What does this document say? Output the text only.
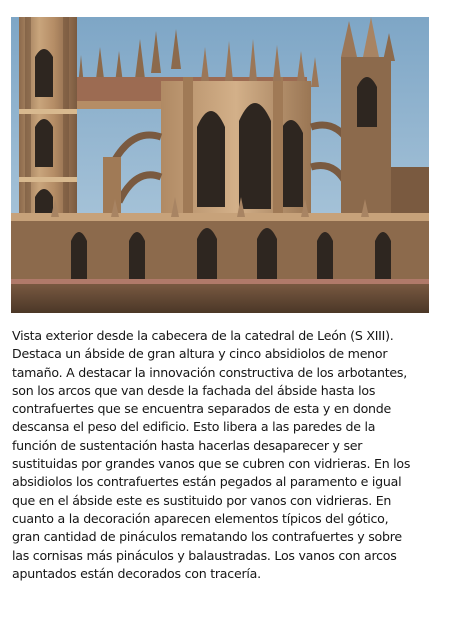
Vista exterior desde la cabecera de la catedral de León (S XIII).
Destaca un ábside de gran altura y cinco absidiolos de menor
tamaño. A destacar la innovación constructiva de los arbotantes,
son los arcos que van desde la fachada del ábside hasta los
contrafuertes que se encuentra separados de esta y en donde
descansa el peso del edificio. Esto libera a las paredes de la
función de sustentación hasta hacerlas desaparecer y ser
sustituidas por grandes vanos que se cubren con vidrieras. En los
absidiolos los contrafuertes están pegados al paramento e igual
que en el ábside este es sustituido por vanos con vidrieras. En
cuanto a la decoración aparecen elementos típicos del gótico,
gran cantidad de pináculos rematando los contrafuertes y sobre
las cornisas más pináculos y balaustradas. Los vanos con arcos
apuntados están decorados con tracería.
